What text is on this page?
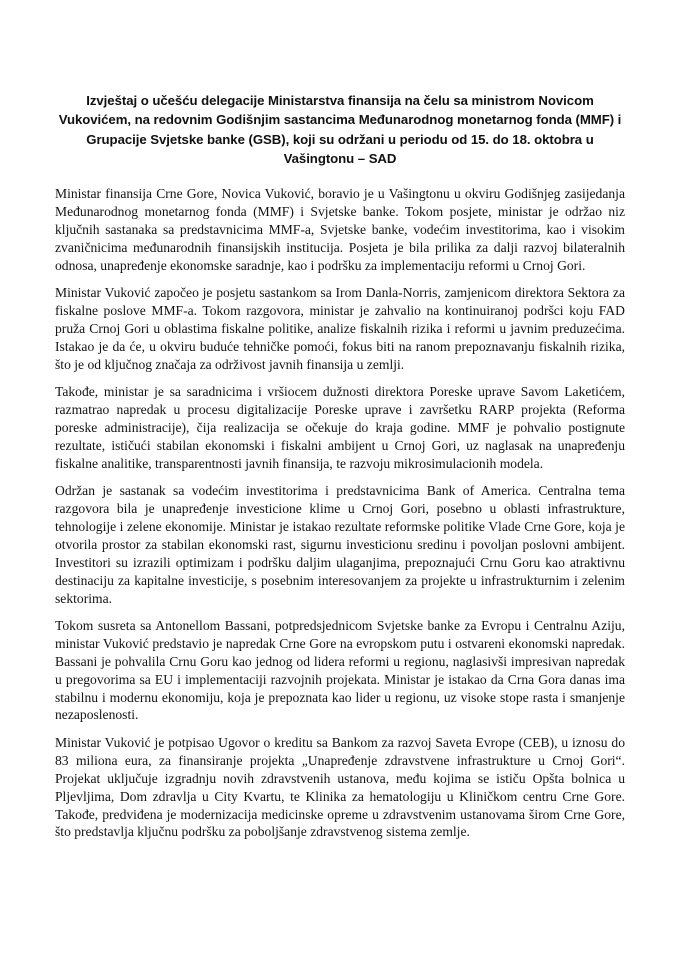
Izvještaj o učešću delegacije Ministarstva finansija na čelu sa ministrom Novicom Vukovićem, na redovnim Godišnjim sastancima Međunarodnog monetarnog fonda (MMF) i Grupacije Svjetske banke (GSB), koji su održani u periodu od 15. do 18. oktobra u Vašingtonu – SAD

Ministar finansija Crne Gore, Novica Vuković, boravio je u Vašingtonu u okviru Godišnjeg zasijedanja Međunarodnog monetarnog fonda (MMF) i Svjetske banke. Tokom posjete, ministar je održao niz ključnih sastanaka sa predstavnicima MMF-a, Svjetske banke, vodećim investitorima, kao i visokim zvaničnicima međunarodnih finansijskih institucija. Posjeta je bila prilika za dalji razvoj bilateralnih odnosa, unapređenje ekonomske saradnje, kao i podršku za implementaciju reformi u Crnoj Gori.

Ministar Vuković započeo je posjetu sastankom sa Irom Danla-Norris, zamjenicom direktora Sektora za fiskalne poslove MMF-a. Tokom razgovora, ministar je zahvalio na kontinuiranoj podršci koju FAD pruža Crnoj Gori u oblastima fiskalne politike, analize fiskalnih rizika i reformi u javnim preduzećima. Istakao je da će, u okviru buduće tehničke pomoći, fokus biti na ranom prepoznavanju fiskalnih rizika, što je od ključnog značaja za održivost javnih finansija u zemlji.

Takođe, ministar je sa saradnicima i vršiocem dužnosti direktora Poreske uprave Savom Laketićem, razmatrao napredak u procesu digitalizacije Poreske uprave i završetku RARP projekta (Reforma poreske administracije), čija realizacija se očekuje do kraja godine. MMF je pohvalio postignute rezultate, ističući stabilan ekonomski i fiskalni ambijent u Crnoj Gori, uz naglasak na unapređenju fiskalne analitike, transparentnosti javnih finansija, te razvoju mikrosimulacionih modela.

Održan je sastanak sa vodećim investitorima i predstavnicima Bank of America. Centralna tema razgovora bila je unapređenje investicione klime u Crnoj Gori, posebno u oblasti infrastrukture, tehnologije i zelene ekonomije. Ministar je istakao rezultate reformske politike Vlade Crne Gore, koja je otvorila prostor za stabilan ekonomski rast, sigurnu investicionu sredinu i povoljan poslovni ambijent. Investitori su izrazili optimizam i podršku daljim ulaganjima, prepoznajući Crnu Goru kao atraktivnu destinaciju za kapitalne investicije, s posebnim interesovanjem za projekte u infrastrukturnim i zelenim sektorima.

Tokom susreta sa Antonellom Bassani, potpredsjednicom Svjetske banke za Evropu i Centralnu Aziju, ministar Vuković predstavio je napredak Crne Gore na evropskom putu i ostvareni ekonomski napredak. Bassani je pohvalila Crnu Goru kao jednog od lidera reformi u regionu, naglasivši impresivan napredak u pregovorima sa EU i implementaciji razvojnih projekata. Ministar je istakao da Crna Gora danas ima stabilnu i modernu ekonomiju, koja je prepoznata kao lider u regionu, uz visoke stope rasta i smanjenje nezaposlenosti.

Ministar Vuković je potpisao Ugovor o kreditu sa Bankom za razvoj Saveta Evrope (CEB), u iznosu do 83 miliona eura, za finansiranje projekta „Unapređenje zdravstvene infrastrukture u Crnoj Gori“. Projekat uključuje izgradnju novih zdravstvenih ustanova, među kojima se ističu Opšta bolnica u Pljevljima, Dom zdravlja u City Kvartu, te Klinika za hematologiju u Kliničkom centru Crne Gore. Takođe, predviđena je modernizacija medicinske opreme u zdravstvenim ustanovama širom Crne Gore, što predstavlja ključnu podršku za poboljšanje zdravstvenog sistema zemlje.
